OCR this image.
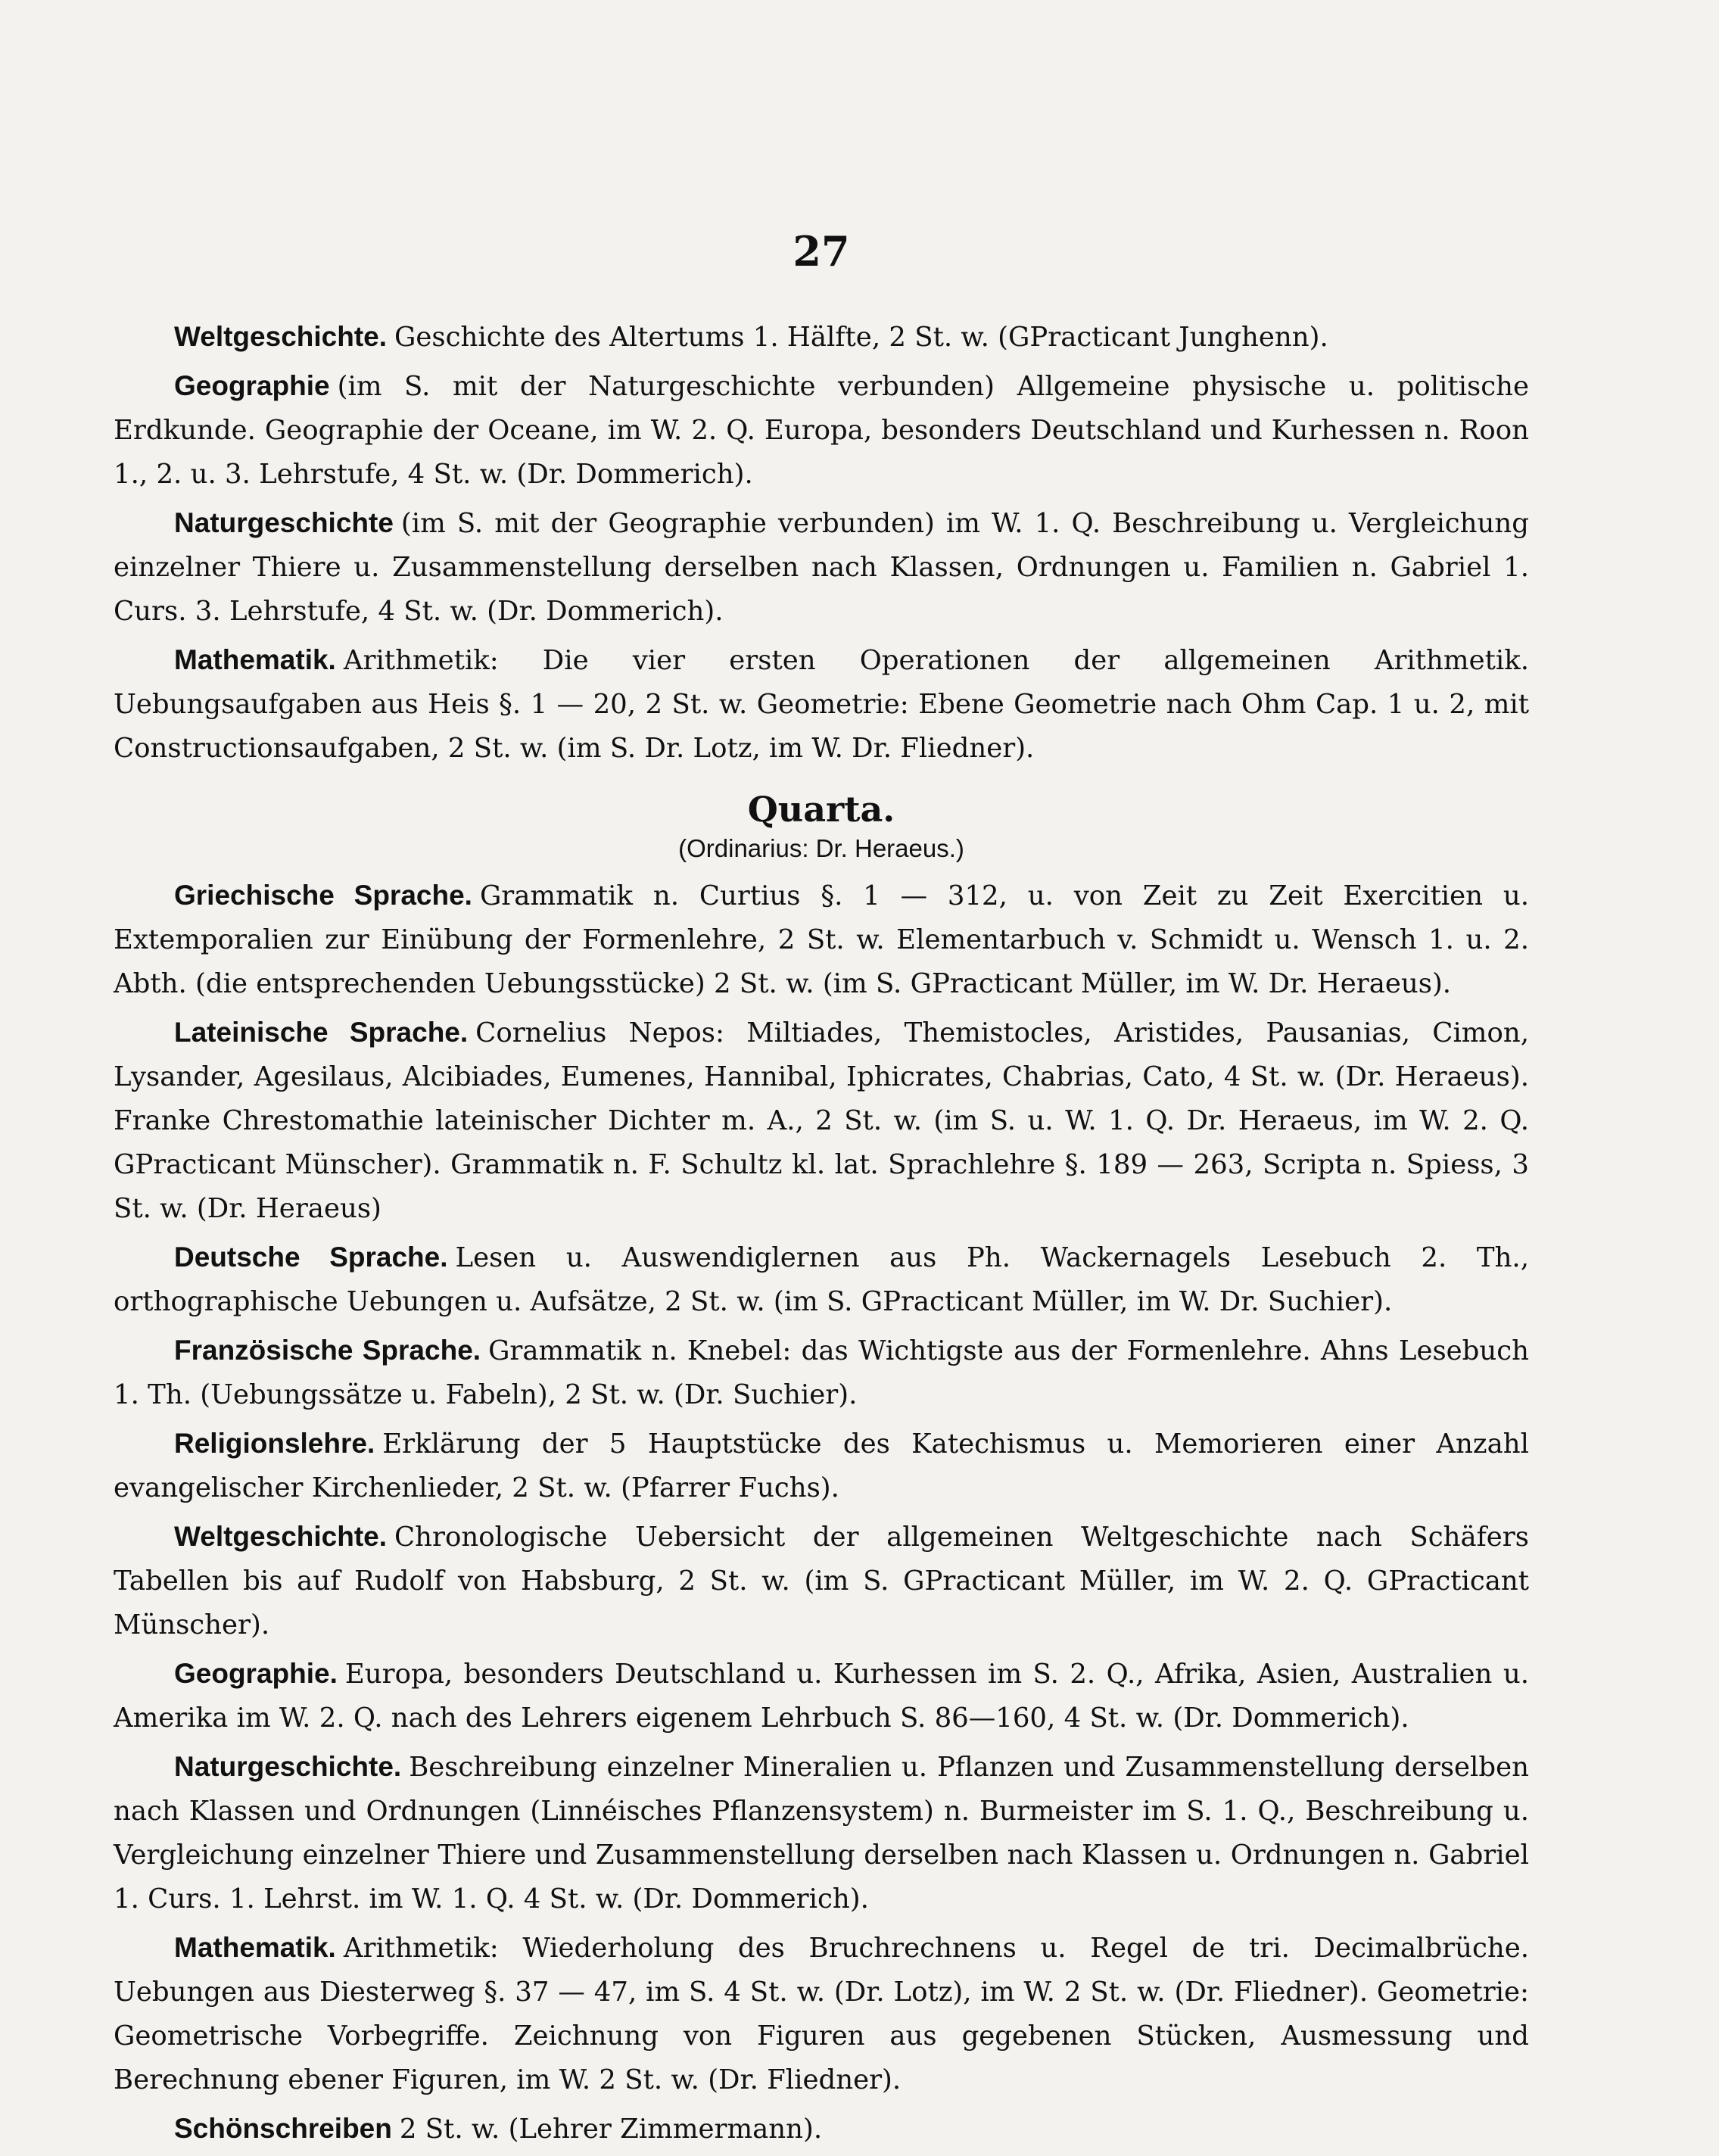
27

Weltgeschichte. Geschichte des Altertums 1. Hälfte, 2 St. w. (GPracticant Junghenn).

Geographie (im S. mit der Naturgeschichte verbunden) Allgemeine physische u. politische Erdkunde. Geographie der Oceane, im W. 2. Q. Europa, besonders Deutschland und Kurhessen n. Roon 1., 2. u. 3. Lehrstufe, 4 St. w. (Dr. Dommerich).

Naturgeschichte (im S. mit der Geographie verbunden) im W. 1. Q. Beschreibung u. Vergleichung einzelner Thiere u. Zusammenstellung derselben nach Klassen, Ordnungen u. Familien n. Gabriel 1. Curs. 3. Lehrstufe, 4 St. w. (Dr. Dommerich).

Mathematik. Arithmetik: Die vier ersten Operationen der allgemeinen Arithmetik. Uebungsaufgaben aus Heis §. 1 — 20, 2 St. w. Geometrie: Ebene Geometrie nach Ohm Cap. 1 u. 2, mit Constructionsaufgaben, 2 St. w. (im S. Dr. Lotz, im W. Dr. Fliedner).

Quarta.
(Ordinarius: Dr. Heraeus.)

Griechische Sprache. Grammatik n. Curtius §. 1 — 312, u. von Zeit zu Zeit Exercitien u. Extemporalien zur Einübung der Formenlehre, 2 St. w. Elementarbuch v. Schmidt u. Wensch 1. u. 2. Abth. (die entsprechenden Uebungsstücke) 2 St. w. (im S. GPracticant Müller, im W. Dr. Heraeus).

Lateinische Sprache. Cornelius Nepos: Miltiades, Themistocles, Aristides, Pausanias, Cimon, Lysander, Agesilaus, Alcibiades, Eumenes, Hannibal, Iphicrates, Chabrias, Cato, 4 St. w. (Dr. Heraeus). Franke Chrestomathie lateinischer Dichter m. A., 2 St. w. (im S. u. W. 1. Q. Dr. Heraeus, im W. 2. Q. GPracticant Münscher). Grammatik n. F. Schultz kl. lat. Sprachlehre §. 189 — 263, Scripta n. Spiess, 3 St. w. (Dr. Heraeus)

Deutsche Sprache. Lesen u. Auswendiglernen aus Ph. Wackernagels Lesebuch 2. Th., orthographische Uebungen u. Aufsätze, 2 St. w. (im S. GPracticant Müller, im W. Dr. Suchier).

Französische Sprache. Grammatik n. Knebel: das Wichtigste aus der Formenlehre. Ahns Lesebuch 1. Th. (Uebungssätze u. Fabeln), 2 St. w. (Dr. Suchier).

Religionslehre. Erklärung der 5 Hauptstücke des Katechismus u. Memorieren einer Anzahl evangelischer Kirchenlieder, 2 St. w. (Pfarrer Fuchs).

Weltgeschichte. Chronologische Uebersicht der allgemeinen Weltgeschichte nach Schäfers Tabellen bis auf Rudolf von Habsburg, 2 St. w. (im S. GPracticant Müller, im W. 2. Q. GPracticant Münscher).

Geographie. Europa, besonders Deutschland u. Kurhessen im S. 2. Q., Afrika, Asien, Australien u. Amerika im W. 2. Q. nach des Lehrers eigenem Lehrbuch S. 86—160, 4 St. w. (Dr. Dommerich).

Naturgeschichte. Beschreibung einzelner Mineralien u. Pflanzen und Zusammenstellung derselben nach Klassen und Ordnungen (Linnéisches Pflanzensystem) n. Burmeister im S. 1. Q., Beschreibung u. Vergleichung einzelner Thiere und Zusammenstellung derselben nach Klassen u. Ordnungen n. Gabriel 1. Curs. 1. Lehrst. im W. 1. Q. 4 St. w. (Dr. Dommerich).

Mathematik. Arithmetik: Wiederholung des Bruchrechnens u. Regel de tri. Decimalbrüche. Uebungen aus Diesterweg §. 37 — 47, im S. 4 St. w. (Dr. Lotz), im W. 2 St. w. (Dr. Fliedner). Geometrie: Geometrische Vorbegriffe. Zeichnung von Figuren aus gegebenen Stücken, Ausmessung und Berechnung ebener Figuren, im W. 2 St. w. (Dr. Fliedner).

Schönschreiben 2 St. w. (Lehrer Zimmermann).
